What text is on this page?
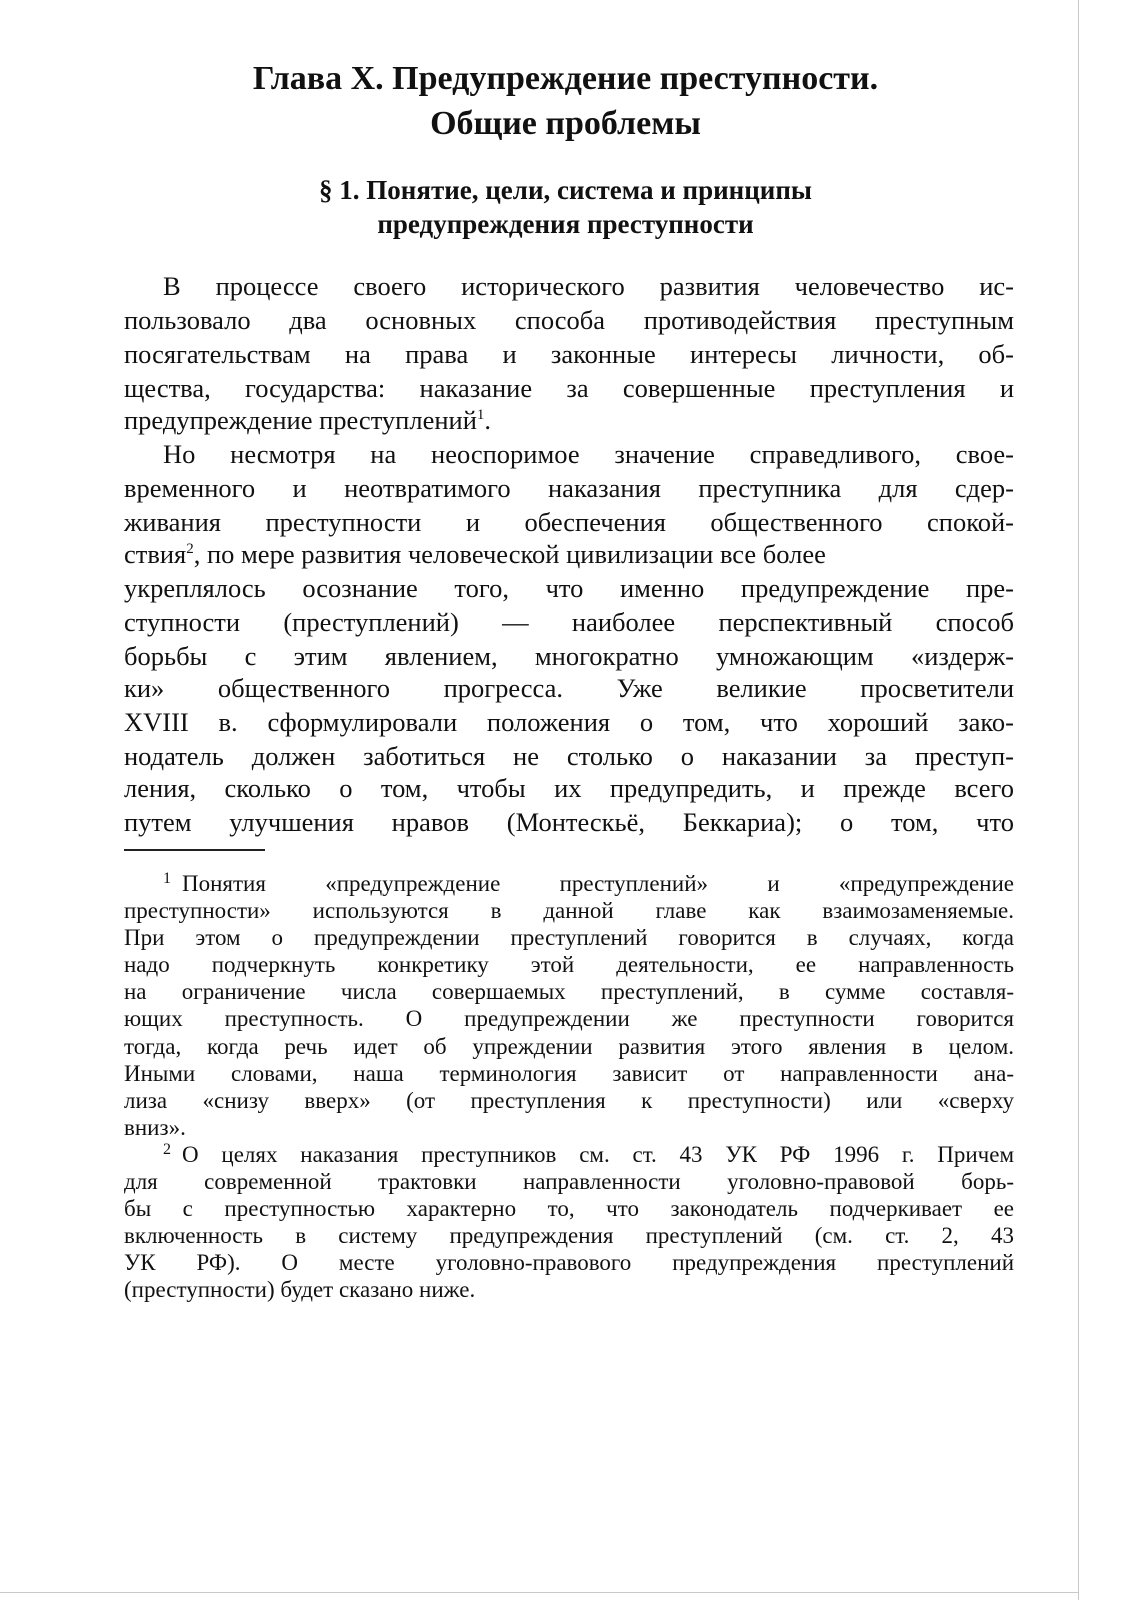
Глава X. Предупреждение преступности.
Общие проблемы
§ 1. Понятие, цели, система и принципы
предупреждения преступности
В процессе своего исторического развития человечество ис-
пользовало два основных способа противодействия преступным
посягательствам на права и законные интересы личности, об-
щества, государства: наказание за совершенные преступления и
предупреждение преступлений$^1$.
Но несмотря на неоспоримое значение справедливого, свое-
временного и неотвратимого наказания преступника для сдер-
живания преступности и обеспечения общественного спокой-
ствия$^2$, по мере развития человеческой цивилизации все более
укреплялось осознание того, что именно предупреждение пре-
ступности (преступлений) — наиболее перспективный способ
борьбы с этим явлением, многократно умножающим «издерж-
ки» общественного прогресса. Уже великие просветители
XVIII в. сформулировали положения о том, что хороший зако-
нодатель должен заботиться не столько о наказании за преступ-
ления, сколько о том, чтобы их предупредить, и прежде всего
путем улучшения нравов (Монтескьё, Беккариа); о том, что
1 Понятия «предупреждение преступлений» и «предупреждение
преступности» используются в данной главе как взаимозаменяемые.
При этом о предупреждении преступлений говорится в случаях, когда
надо подчеркнуть конкретику этой деятельности, ее направленность
на ограничение числа совершаемых преступлений, в сумме составля-
ющих преступность. О предупреждении же преступности говорится
тогда, когда речь идет об упреждении развития этого явления в целом.
Иными словами, наша терминология зависит от направленности ана-
лиза «снизу вверх» (от преступления к преступности) или «сверху
вниз».
2 О целях наказания преступников см. ст. 43 УК РФ 1996 г. Причем
для современной трактовки направленности уголовно-правовой борь-
бы с преступностью характерно то, что законодатель подчеркивает ее
включенность в систему предупреждения преступлений (см. ст. 2, 43
УК РФ). О месте уголовно-правового предупреждения преступлений
(преступности) будет сказано ниже.
